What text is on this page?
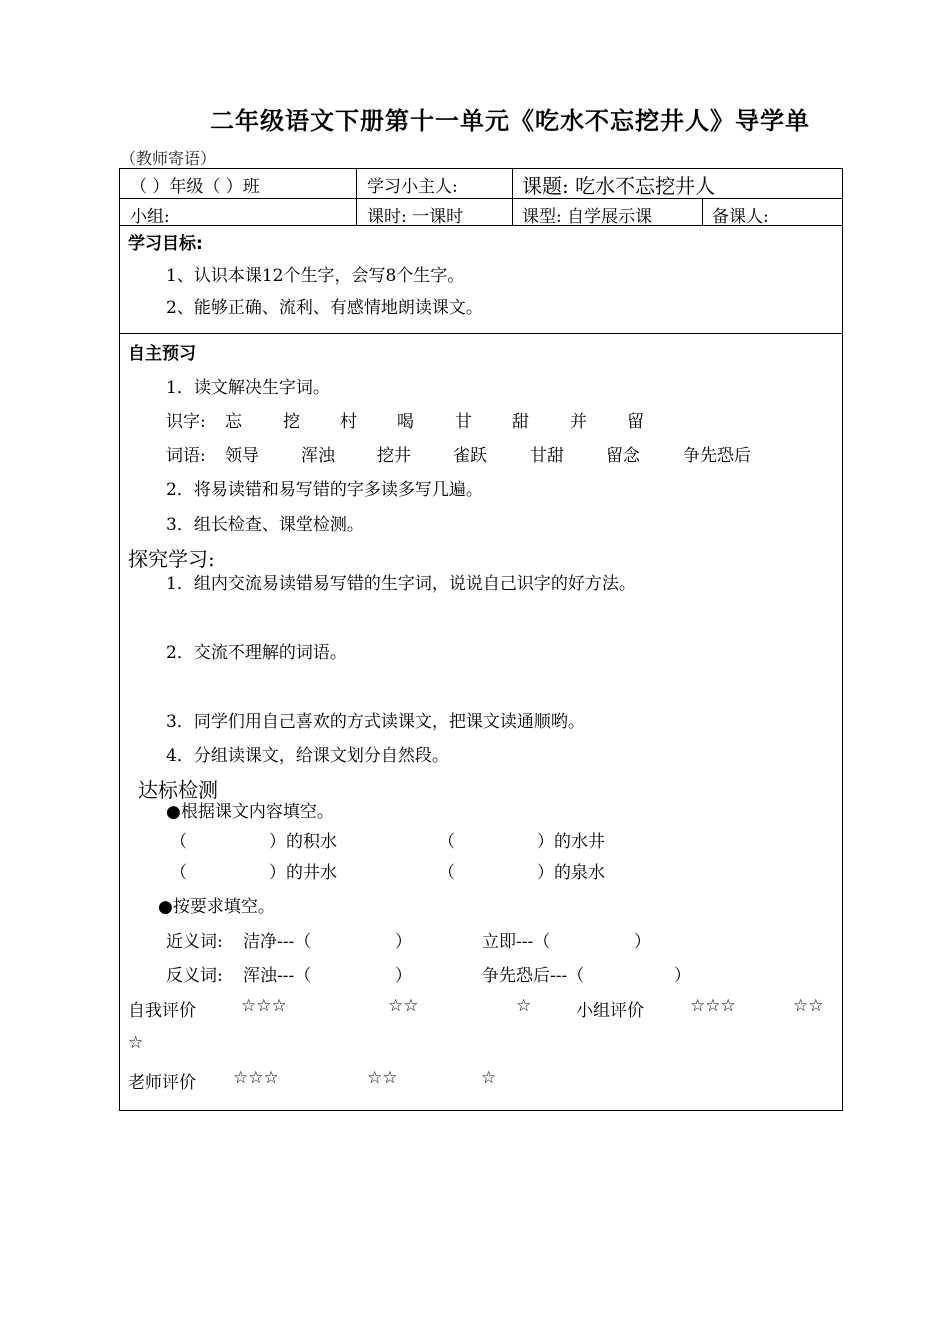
二年级语文下册第十一单元《吃水不忘挖井人》导学单
（教师寄语）
（ ）年级（ ）班	学习小主人:	课题: 吃水不忘挖井人
小组:	课时: 一课时	课型: 自学展示课	备课人:
学习目标:
1、认识本课12个生字，会写8个生字。
2、能够正确、流利、有感情地朗读课文。
自主预习
1．读文解决生字词。
识字: 忘 挖 村 喝 甘 甜 并 留
词语: 领导 浑浊 挖井 雀跃	甘甜 留念	争先恐后
2．将易读错和易写错的字多读多写几遍。
3．组长检查、课堂检测。
探究学习:
1．组内交流易读错易写错的生字词，说说自己识字的好方法。
2．交流不理解的词语。
3．同学们用自己喜欢的方式读课文，把课文读通顺哟。
4．分组读课文，给课文划分自然段。
达标检测
●根据课文内容填空。
（	）的积水	（	）的水井
（	）的井水	（	）的泉水
●按要求填空。
近义词: 洁净---（	）	立即---（	）
反义词: 浑浊---（	）	争先恐后---（	）
自我评价	☆☆☆	☆☆	☆	小组评价	☆☆☆	☆☆
☆
老师评价 ☆☆☆	☆☆	☆
